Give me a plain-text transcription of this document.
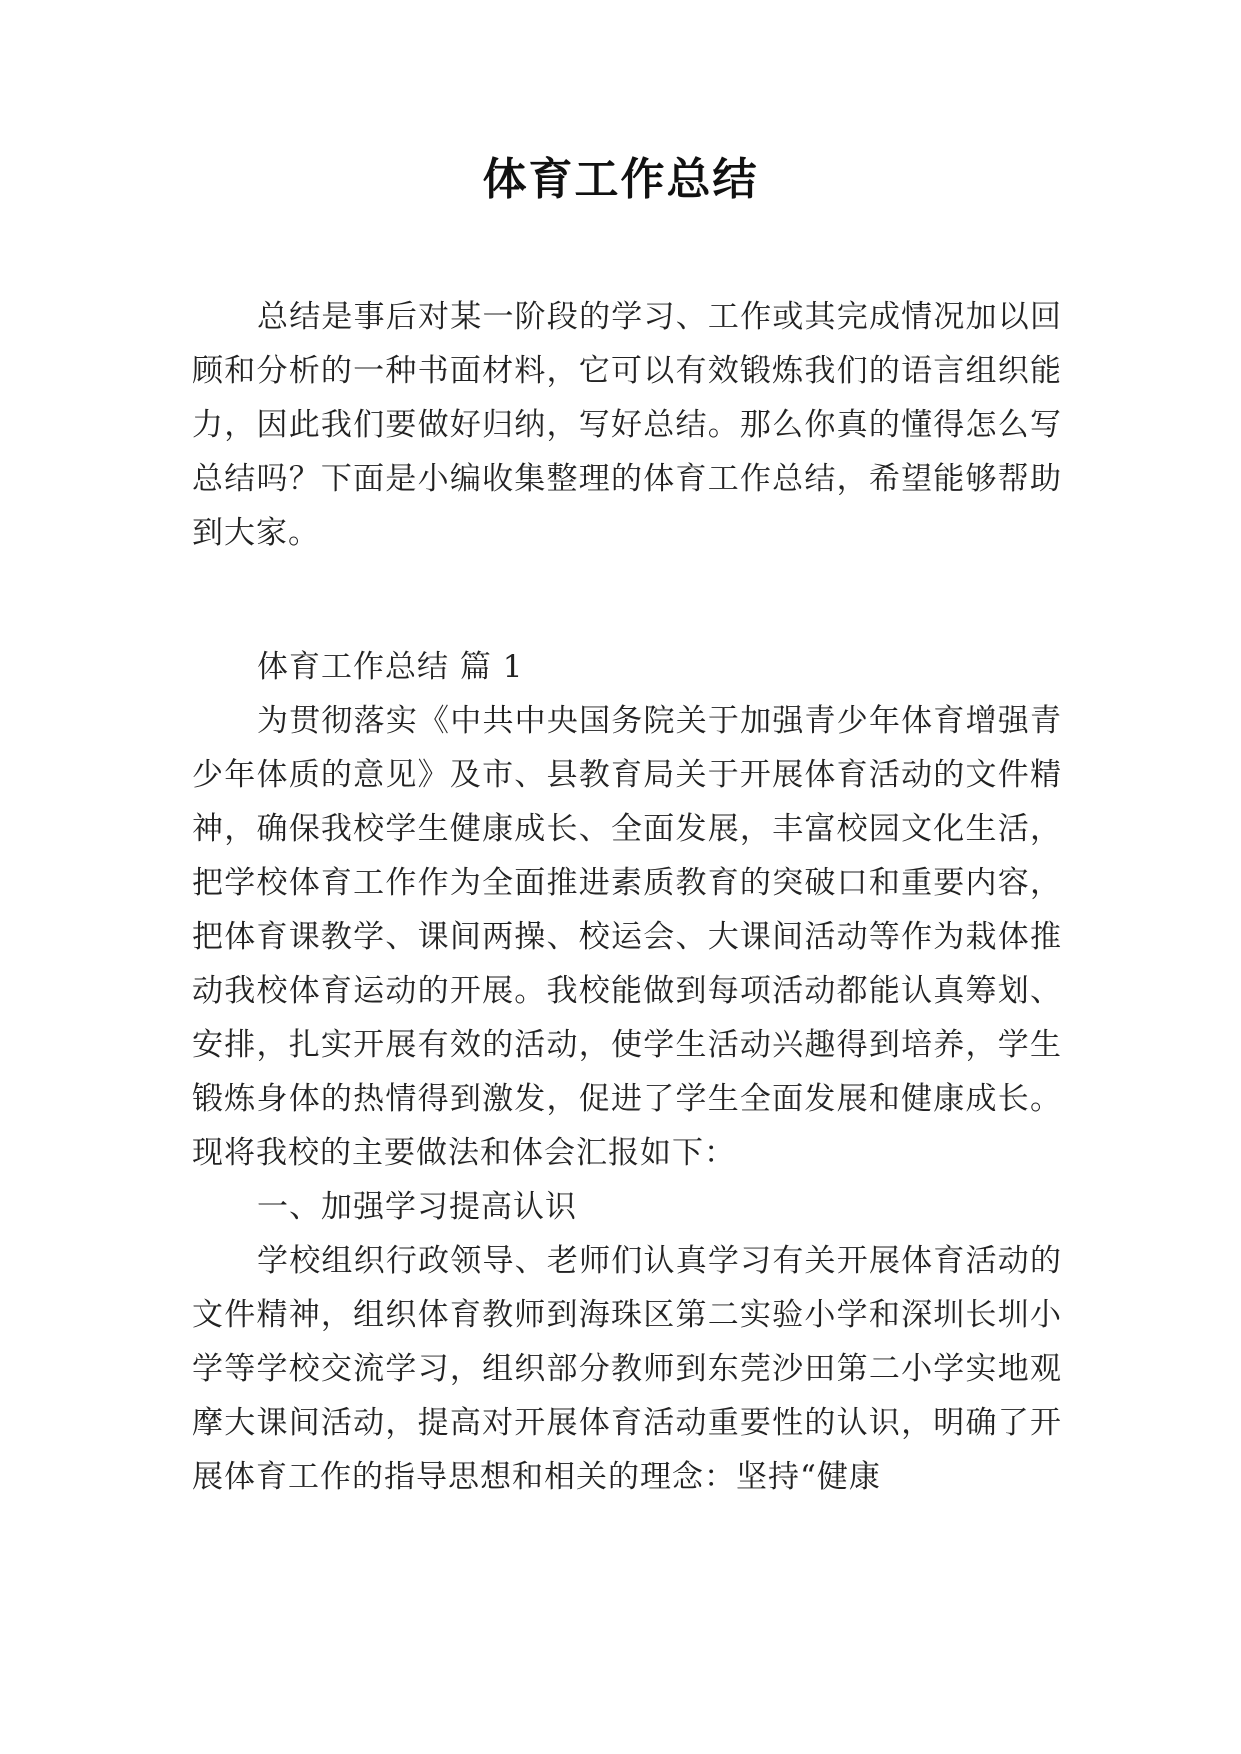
体育工作总结

总结是事后对某一阶段的学习、工作或其完成情况加以回顾和分析的一种书面材料，它可以有效锻炼我们的语言组织能力，因此我们要做好归纳，写好总结。那么你真的懂得怎么写总结吗？下面是小编收集整理的体育工作总结，希望能够帮助到大家。

体育工作总结 篇 1

为贯彻落实《中共中央国务院关于加强青少年体育增强青少年体质的意见》及市、县教育局关于开展体育活动的文件精神，确保我校学生健康成长、全面发展，丰富校园文化生活，把学校体育工作作为全面推进素质教育的突破口和重要内容，把体育课教学、课间两操、校运会、大课间活动等作为栽体推动我校体育运动的开展。我校能做到每项活动都能认真筹划、安排，扎实开展有效的活动，使学生活动兴趣得到培养，学生锻炼身体的热情得到激发，促进了学生全面发展和健康成长。现将我校的主要做法和体会汇报如下：

一、加强学习提高认识

学校组织行政领导、老师们认真学习有关开展体育活动的文件精神，组织体育教师到海珠区第二实验小学和深圳长圳小学等学校交流学习，组织部分教师到东莞沙田第二小学实地观摩大课间活动，提高对开展体育活动重要性的认识，明确了开展体育工作的指导思想和相关的理念：坚持“健康
